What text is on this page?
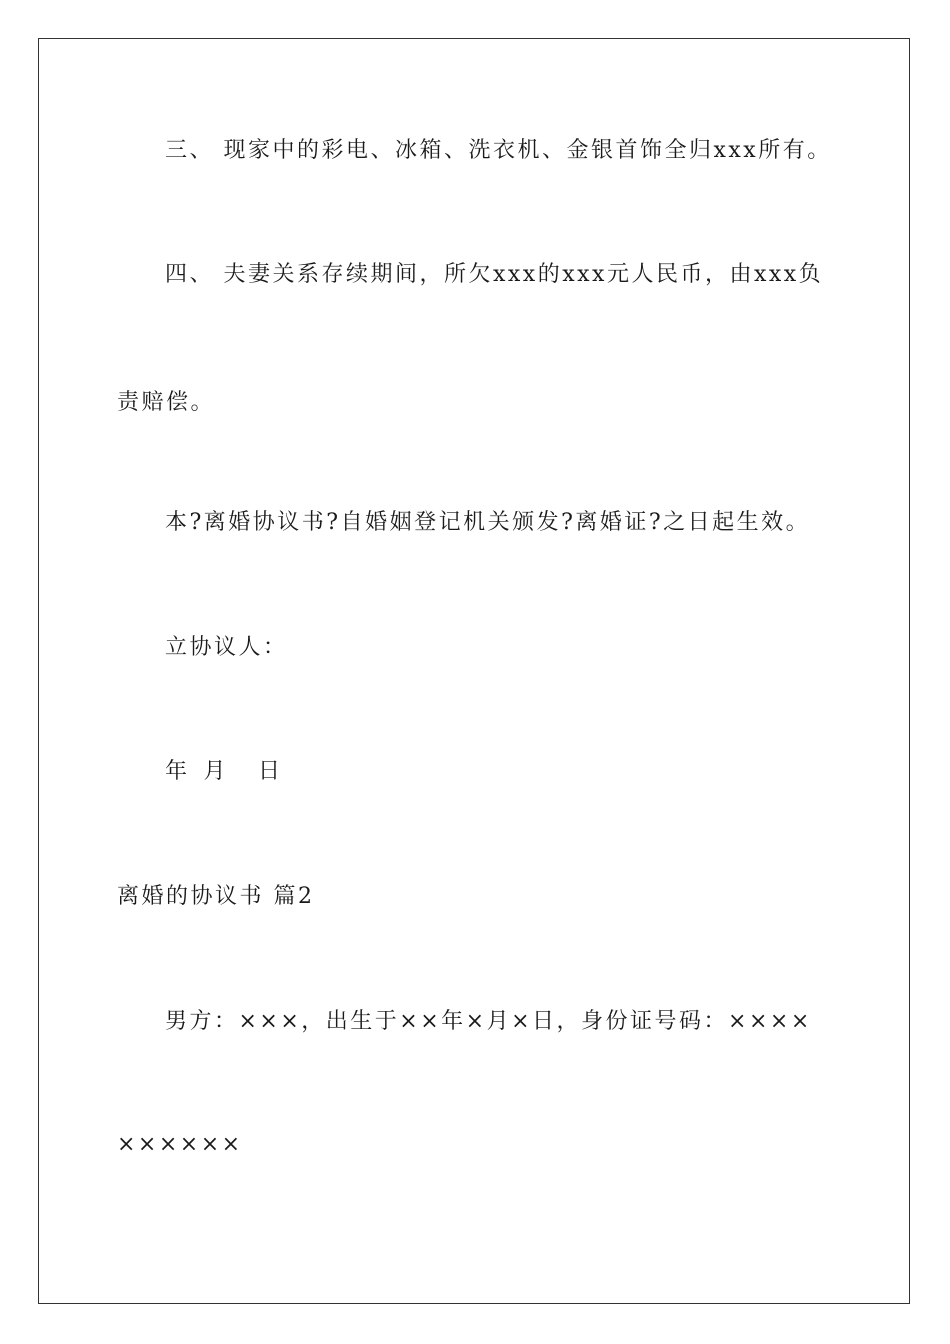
三、 现家中的彩电、冰箱、洗衣机、金银首饰全归xxx所有。
四、 夫妻关系存续期间，所欠xxx的xxx元人民币，由xxx负
责赔偿。
本?离婚协议书?自婚姻登记机关颁发?离婚证?之日起生效。
立协议人：
年 月 日
离婚的协议书 篇2
男方：×××，出生于××年×月×日，身份证号码：××××
××××××
